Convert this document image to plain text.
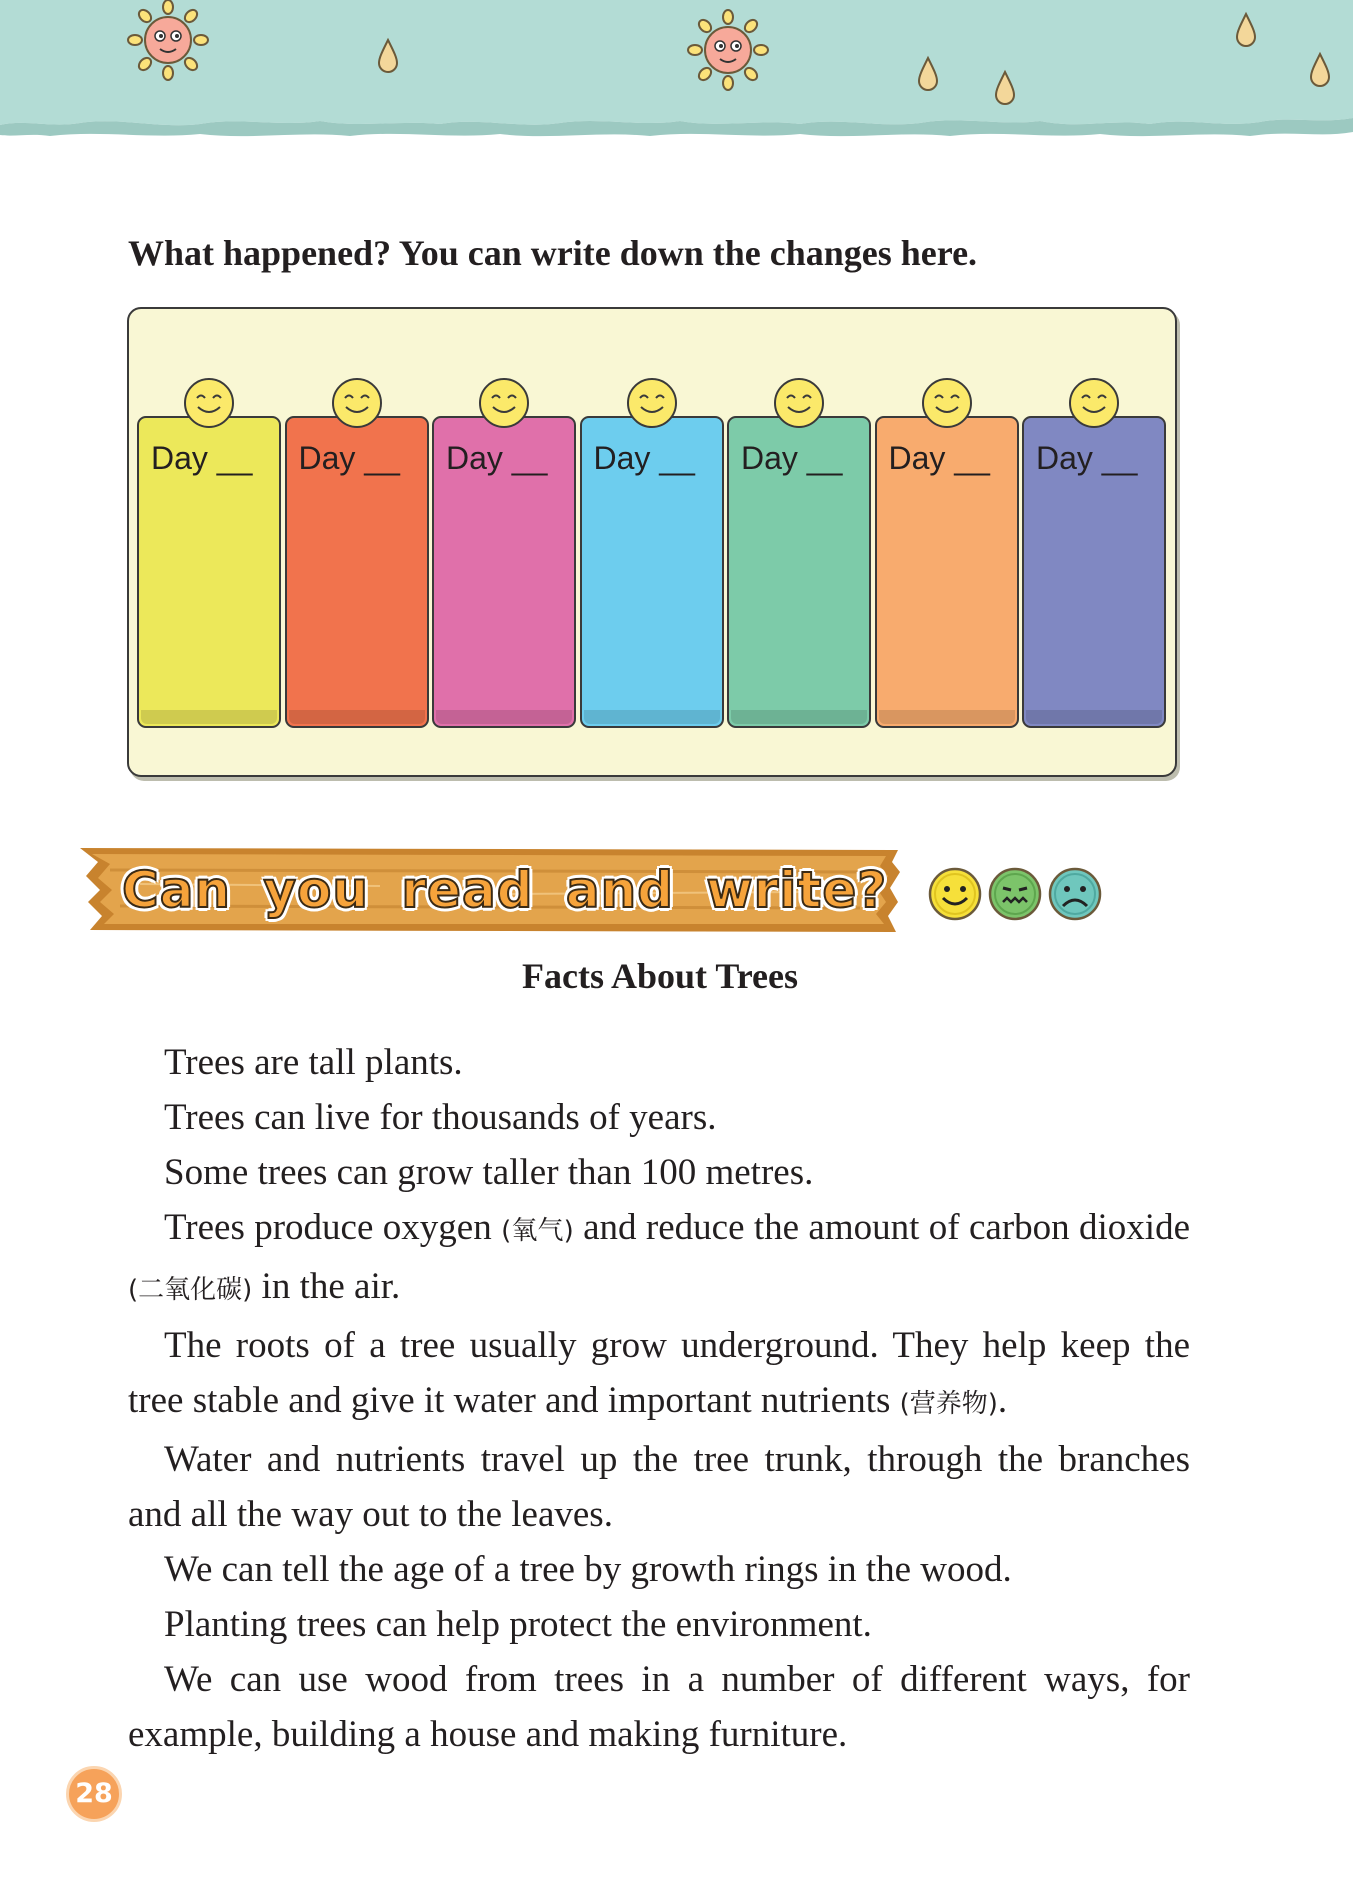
What happened? You can write down the changes here.
Day __ Day __ Day __ Day __ Day __ Day __ Day __
Can you read and write?
Facts About Trees
Trees are tall plants.
Trees can live for thousands of years.
Some trees can grow taller than 100 metres.
Trees produce oxygen (氧气) and reduce the amount of carbon dioxide (二氧化碳) in the air.
The roots of a tree usually grow underground. They help keep the tree stable and give it water and important nutrients (营养物).
Water and nutrients travel up the tree trunk, through the branches and all the way out to the leaves.
We can tell the age of a tree by growth rings in the wood.
Planting trees can help protect the environment.
We can use wood from trees in a number of different ways, for example, building a house and making furniture.
28
